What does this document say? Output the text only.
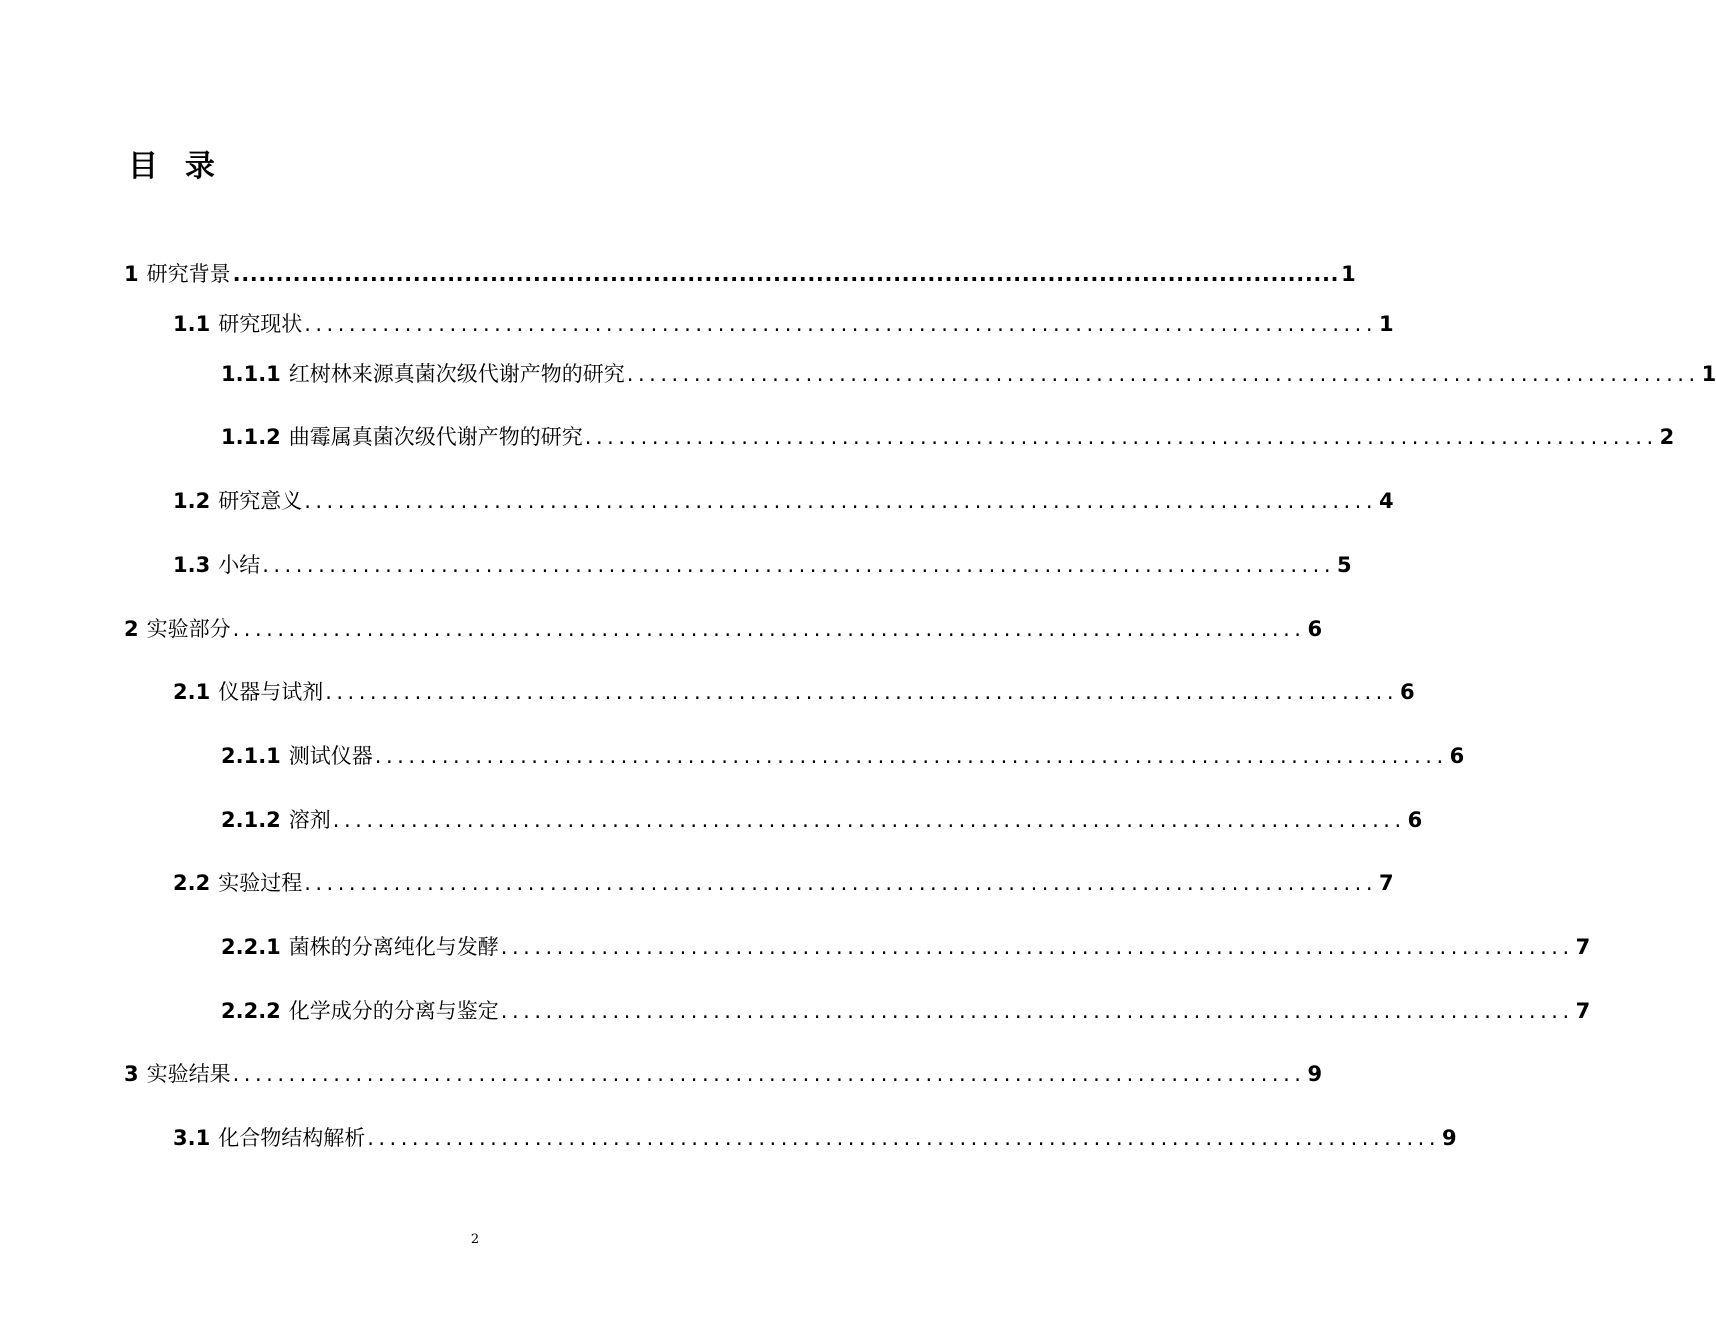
目  录
1 研究背景 ................................................................................................................................. 1
1.1 研究现状 ................................................................................................ 1
1.1.1 红树林来源真菌次级代谢产物的研究 ................................................................................................ 1
1.1.2 曲霉属真菌次级代谢产物的研究 ................................................................................................ 2
1.2 研究意义 ................................................................................................ 4
1.3 小结 ................................................................................................ 5
2 实验部分 ................................................................................................ 6
2.1 仪器与试剂 ................................................................................................ 6
2.1.1 测试仪器 ................................................................................................ 6
2.1.2 溶剂 ................................................................................................ 6
2.2 实验过程 ................................................................................................ 7
2.2.1 菌株的分离纯化与发酵 ................................................................................................ 7
2.2.2 化学成分的分离与鉴定 ................................................................................................ 7
3 实验结果 ................................................................................................ 9
3.1 化合物结构解析 ................................................................................................ 9
2
